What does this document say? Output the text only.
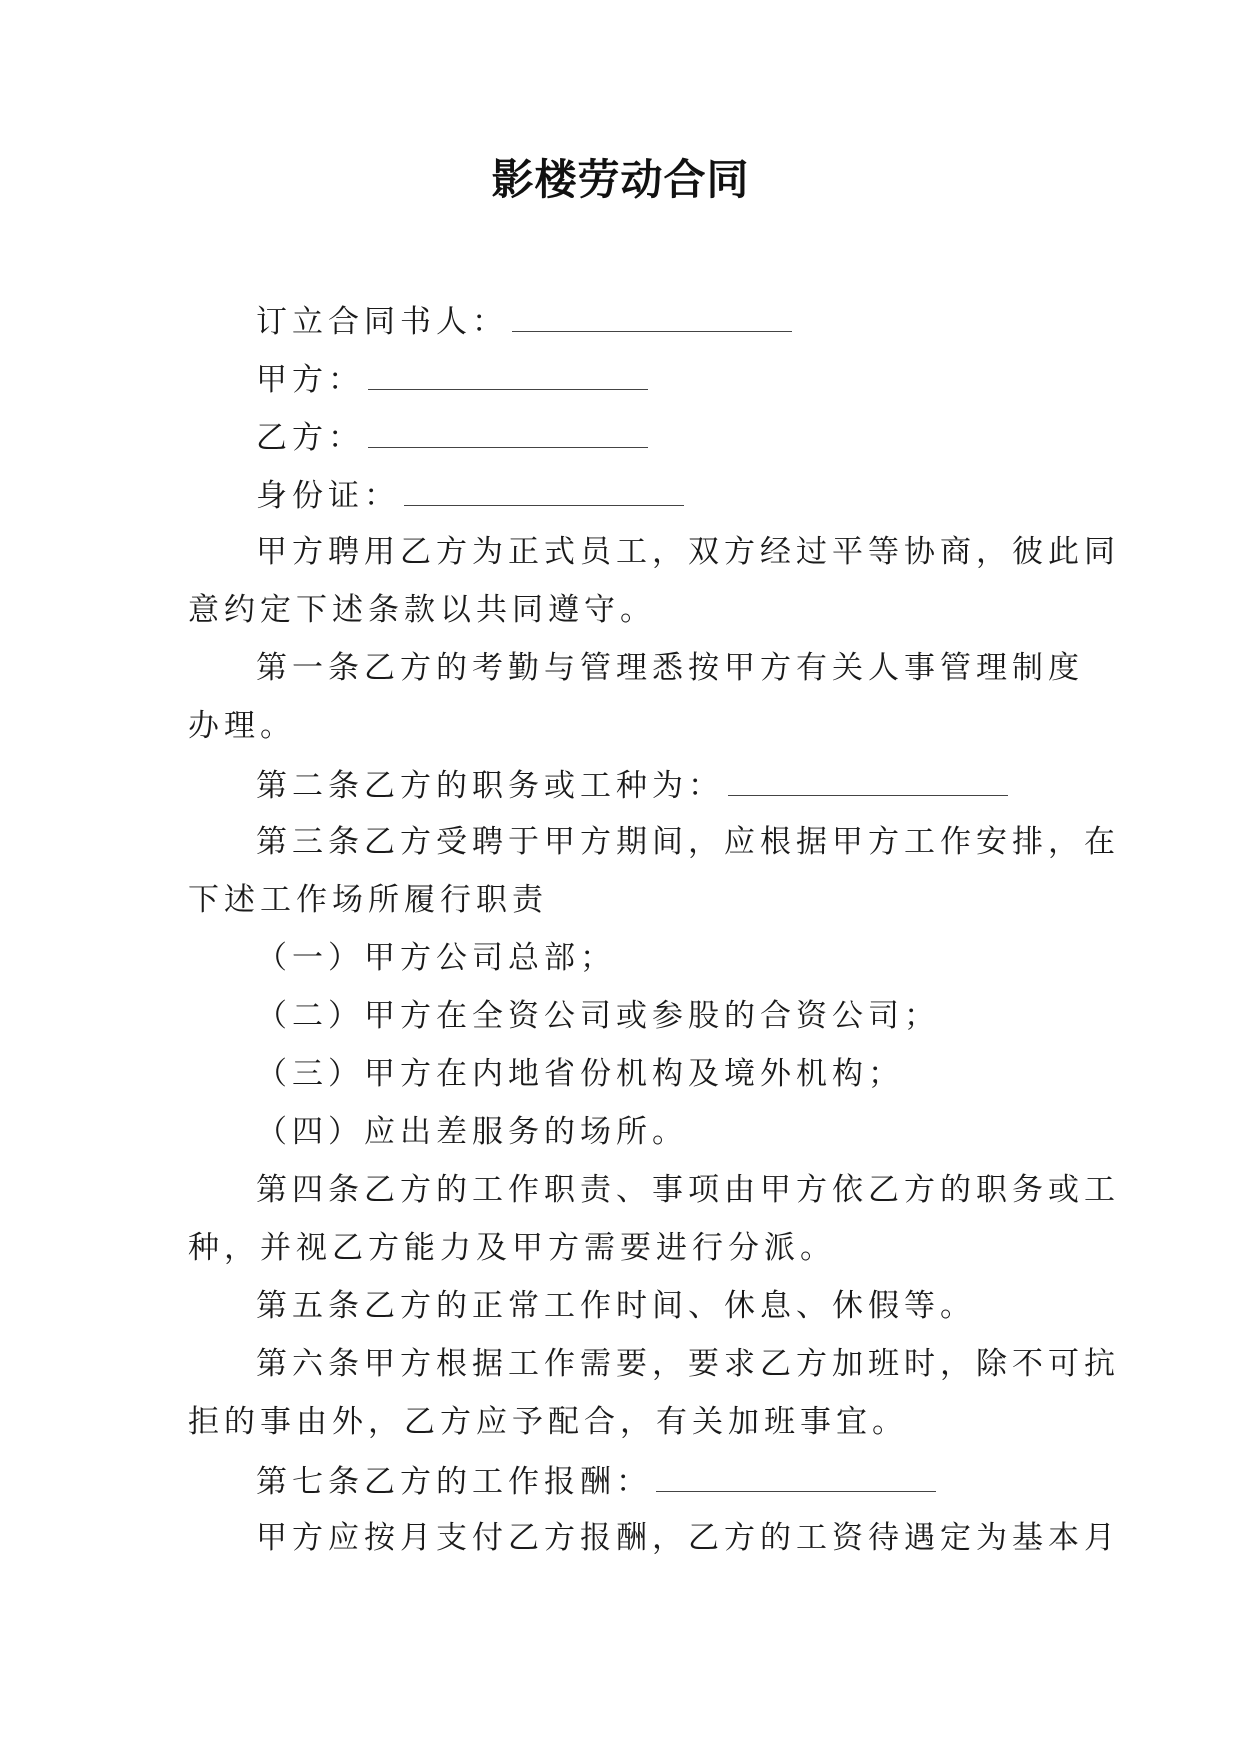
影楼劳动合同
订立合同书人：
甲方：
乙方：
身份证：
甲方聘用乙方为正式员工，双方经过平等协商，彼此同
意约定下述条款以共同遵守。
第一条乙方的考勤与管理悉按甲方有关人事管理制度
办理。
第二条乙方的职务或工种为：
第三条乙方受聘于甲方期间，应根据甲方工作安排，在
下述工作场所履行职责
（一）甲方公司总部；
（二）甲方在全资公司或参股的合资公司；
（三）甲方在内地省份机构及境外机构；
（四）应出差服务的场所。
第四条乙方的工作职责、事项由甲方依乙方的职务或工
种，并视乙方能力及甲方需要进行分派。
第五条乙方的正常工作时间、休息、休假等。
第六条甲方根据工作需要，要求乙方加班时，除不可抗
拒的事由外，乙方应予配合，有关加班事宜。
第七条乙方的工作报酬：
甲方应按月支付乙方报酬，乙方的工资待遇定为基本月
